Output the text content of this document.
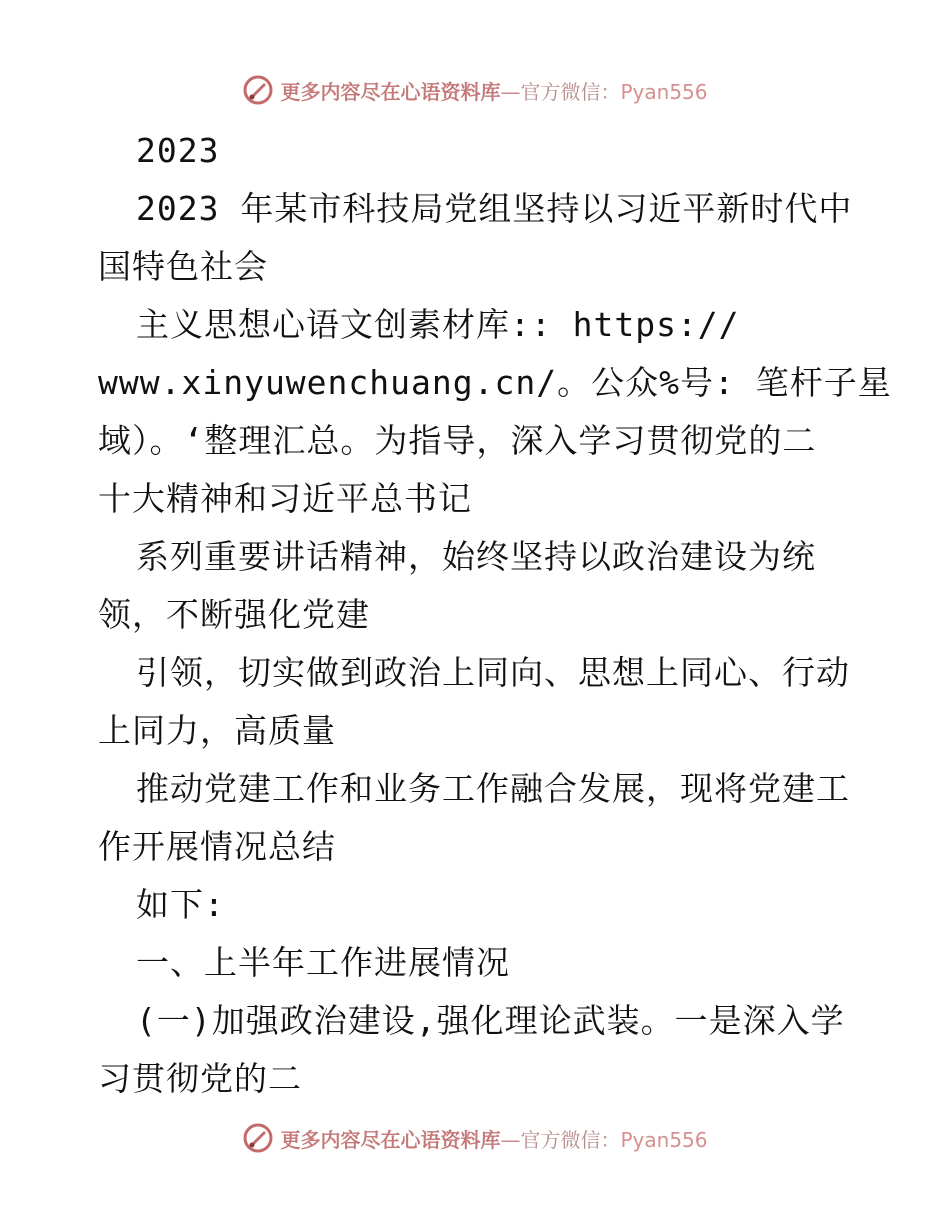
更多内容尽在心语资料库—官方微信：Pyan556
2023
2023 年某市科技局党组坚持以习近平新时代中
国特色社会
主义思想心语文创素材库:: https://
www.xinyuwenchuang.cn/。公众%号: 笔杆子星
域）。‘整理汇总。为指导，深入学习贯彻党的二
十大精神和习近平总书记
系列重要讲话精神，始终坚持以政治建设为统
领，不断强化党建
引领，切实做到政治上同向、思想上同心、行动
上同力，高质量
推动党建工作和业务工作融合发展，现将党建工
作开展情况总结
如下:
一、上半年工作进展情况
(一)加强政治建设,强化理论武装。一是深入学
习贯彻党的二
更多内容尽在心语资料库—官方微信：Pyan556
